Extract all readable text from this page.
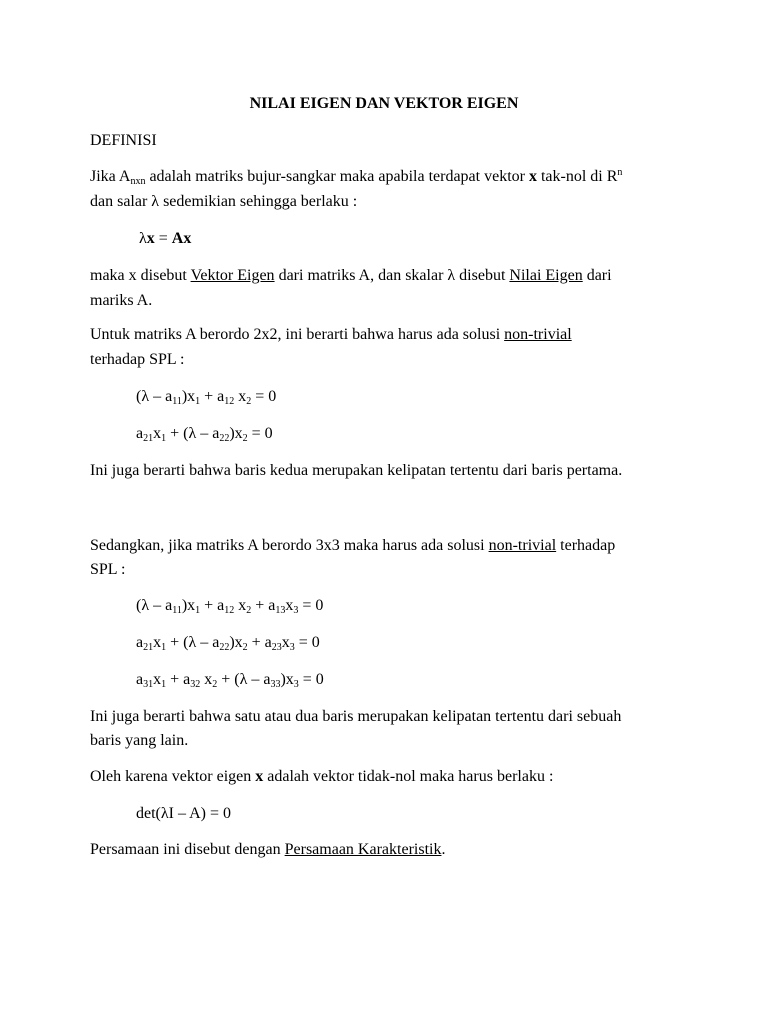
NILAI EIGEN DAN VEKTOR EIGEN
DEFINISI
Jika $A_{nxn}$ adalah matriks bujur-sangkar maka apabila terdapat vektor x tak-nol di $R^n$
dan salar λ sedemikian sehingga berlaku :
λx = Ax
maka x disebut Vektor Eigen dari matriks A, dan skalar λ disebut Nilai Eigen dari
mariks A.
Untuk matriks A berordo 2x2, ini berarti bahwa harus ada solusi non-trivial
terhadap SPL :
$(\lambda - a_{11})x_1 + a_{12}$ $x_2 = 0$
$a_{21}x_1 + (\lambda - a_{22})x_2 = 0$
Ini juga berarti bahwa baris kedua merupakan kelipatan tertentu dari baris pertama.
Sedangkan, jika matriks A berordo 3x3 maka harus ada solusi non-trivial terhadap
SPL :
$(\lambda - a_{11})x_1 + a_{12}$ $x_2 + a_{13}x_3 = 0$
$a_{21}x_1 + (\lambda - a_{22})x_2 + a_{23}x_3 = 0$
$a_{31}x_1 + a_{32}$ $x_2 + (\lambda - a_{33})x_3 = 0$
Ini juga berarti bahwa satu atau dua baris merupakan kelipatan tertentu dari sebuah
baris yang lain.
Oleh karena vektor eigen x adalah vektor tidak-nol maka harus berlaku :
det(λI – A) = 0
Persamaan ini disebut dengan Persamaan Karakteristik.
